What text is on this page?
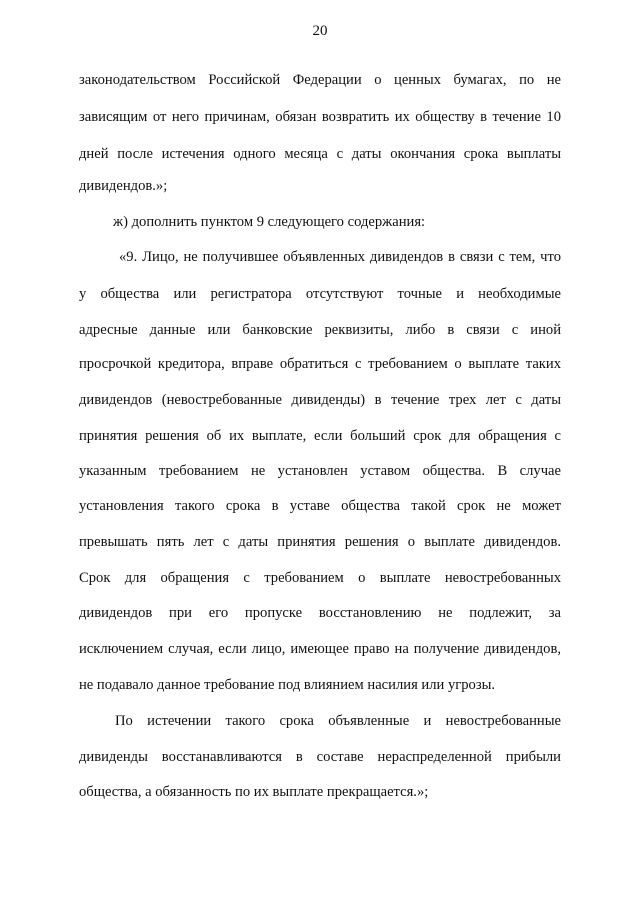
20
законодательством Российской Федерации о ценных бумагах, по не
зависящим от него причинам, обязан возвратить их обществу в течение 10
дней после истечения одного месяца с даты окончания срока выплаты
дивидендов.»;
ж) дополнить пунктом 9 следующего содержания:
«9. Лицо, не получившее объявленных дивидендов в связи с тем, что
у общества или регистратора отсутствуют точные и необходимые
адресные данные или банковские реквизиты, либо в связи с иной
просрочкой кредитора, вправе обратиться с требованием о выплате таких
дивидендов (невостребованные дивиденды) в течение трех лет с даты
принятия решения об их выплате, если больший срок для обращения с
указанным требованием не установлен уставом общества. В случае
установления такого срока в уставе общества такой срок не может
превышать пять лет с даты принятия решения о выплате дивидендов.
Срок для обращения с требованием о выплате невостребованных
дивидендов при его пропуске восстановлению не подлежит, за
исключением случая, если лицо, имеющее право на получение дивидендов,
не подавало данное требование под влиянием насилия или угрозы.
По истечении такого срока объявленные и невостребованные
дивиденды восстанавливаются в составе нераспределенной прибыли
общества, а обязанность по их выплате прекращается.»;
